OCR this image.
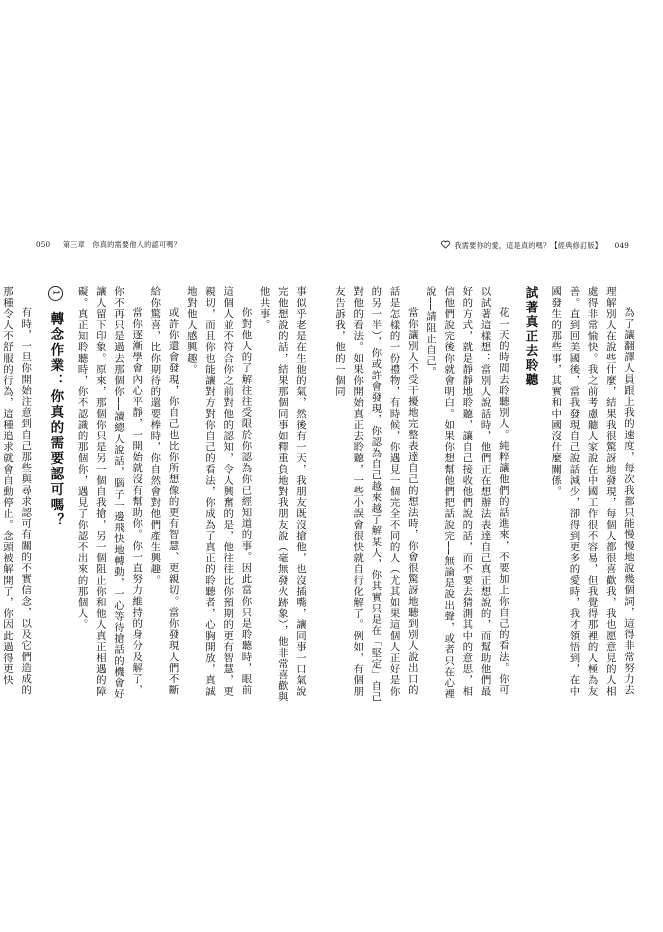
050 第三章　你真的需要他人的認可嗎？

事似乎老是在生他的氣，然後有一天，我朋友既沒搶他，也沒插嘴，讓同事一口氣說完他想說的話，結果那個同事如釋重負地對我朋友說（毫無發火跡象），他非常喜歡與他共事。

你對他人的了解往往受限於你認為你已經知道的事。因此當你只是聆聽時，眼前這個人並不符合你之前對他的認知，令人興奮的是，他往往比你預期的更有智慧，更親切，而且你也能讓對方對你自己的看法，你成為了真正的聆聽者，心胸開放，真誠地對他人感興趣。

或許你還會發現，你自己也比你所想像的更有智慧、更親切。當你發現人們不斷給你驚喜，比你期待的還要棒時，你自然會對他們產生興趣。

當你逐漸學會內心平靜，一開始就沒有幫助你。你一直努力維持的身分及解了，你不再只是過去那個你──讀總人說話，腦子一邊飛快地轉動，一心等待搶話的機會好讓人留下印象。原來，那個你只是另一個自我搶，另一個阻止你和他人真正相遇的障礙。真正知聆聽時，你不認識的那個你，遇見了你認不出來的那個人。

1 轉念作業：你真的需要認可嗎？

有時，一旦你開始注意到自己那些與尋求認可有關的不實信念，以及它們造成的那種令人不舒服的行為，這種追求就會自動停止。念頭被解開了，你因此過得更快

我需要你的愛，這是真的嗎？【經典修訂版】 049

為了讓翻譯人員跟上我的速度，每次我都只能慢慢地說幾個詞，這得非常努力去理解別人在說些什麼，結果我很驚訝地發現，每個人都很喜歡我，我也愿意見的人相處得非常愉快。我之前考慮聽人家說在中國工作很不容易，但我覺得那裡的人極為友善。直到回美國後，當我發現自己說話減少，卻得到更多的愛時，我才領悟到，在中國發生的那些事，其實和中國沒什麼關係。

試著真正去聆聽

花一天的時間去聆聽別人。純粹讓他們的話進來，不要加上你自己的看法。你可以試著這樣想：當別人說話時，他們正在想辦法表達自己真正想說的，而幫助他們最好的方式，就是靜靜地聆聽，讓自己接收他們說的話，而不要去猜測其中的意思，相信他們說完後你就會明白。如果你想幫他們把話說完──無論是說出聲，或者只在心裡說──請阻止自己。

當你讓別人不受干擾地完整表達自己的想法時，你會很驚訝地聽到別人說出口的話是怎樣的一份禮物，有時候，你遇見一個完全不同的人（尤其如果這個人正好是你的另一半），你或許會發現，你認為自己越來越了解某人，你其實只是在「堅定」自己對他的看法。如果你開始真正去聆聽，一些小誤會很快就自行化解了。例如，有個朋友告訴我，他的一個同
